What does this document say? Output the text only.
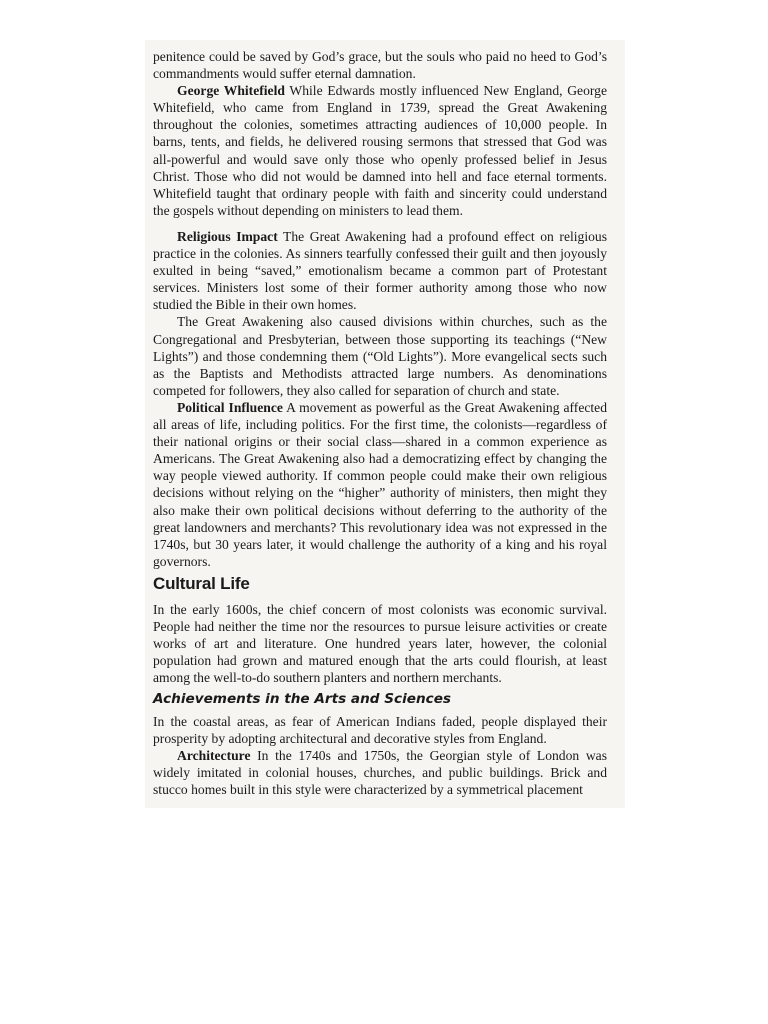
penitence could be saved by God’s grace, but the souls who paid no heed to God’s commandments would suffer eternal damnation.

George Whitefield While Edwards mostly influenced New England, George Whitefield, who came from England in 1739, spread the Great Awakening throughout the colonies, sometimes attracting audiences of 10,000 people. In barns, tents, and fields, he delivered rousing sermons that stressed that God was all-powerful and would save only those who openly professed belief in Jesus Christ. Those who did not would be damned into hell and face eternal torments. Whitefield taught that ordinary people with faith and sincerity could understand the gospels without depending on ministers to lead them.

Religious Impact The Great Awakening had a profound effect on religious practice in the colonies. As sinners tearfully confessed their guilt and then joyously exulted in being “saved,” emotionalism became a common part of Protestant services. Ministers lost some of their former authority among those who now studied the Bible in their own homes.

The Great Awakening also caused divisions within churches, such as the Congregational and Presbyterian, between those supporting its teachings (“New Lights”) and those condemning them (“Old Lights”). More evangelical sects such as the Baptists and Methodists attracted large numbers. As denominations competed for followers, they also called for separation of church and state.

Political Influence A movement as powerful as the Great Awakening affected all areas of life, including politics. For the first time, the colonists—regardless of their national origins or their social class—shared in a common experience as Americans. The Great Awakening also had a democratizing effect by changing the way people viewed authority. If common people could make their own religious decisions without relying on the “higher” authority of ministers, then might they also make their own political decisions without deferring to the authority of the great landowners and merchants? This revolutionary idea was not expressed in the 1740s, but 30 years later, it would challenge the authority of a king and his royal governors.

Cultural Life

In the early 1600s, the chief concern of most colonists was economic survival. People had neither the time nor the resources to pursue leisure activities or create works of art and literature. One hundred years later, however, the colonial population had grown and matured enough that the arts could flourish, at least among the well-to-do southern planters and northern merchants.

Achievements in the Arts and Sciences

In the coastal areas, as fear of American Indians faded, people displayed their prosperity by adopting architectural and decorative styles from England.

Architecture In the 1740s and 1750s, the Georgian style of London was widely imitated in colonial houses, churches, and public buildings. Brick and stucco homes built in this style were characterized by a symmetrical placement
